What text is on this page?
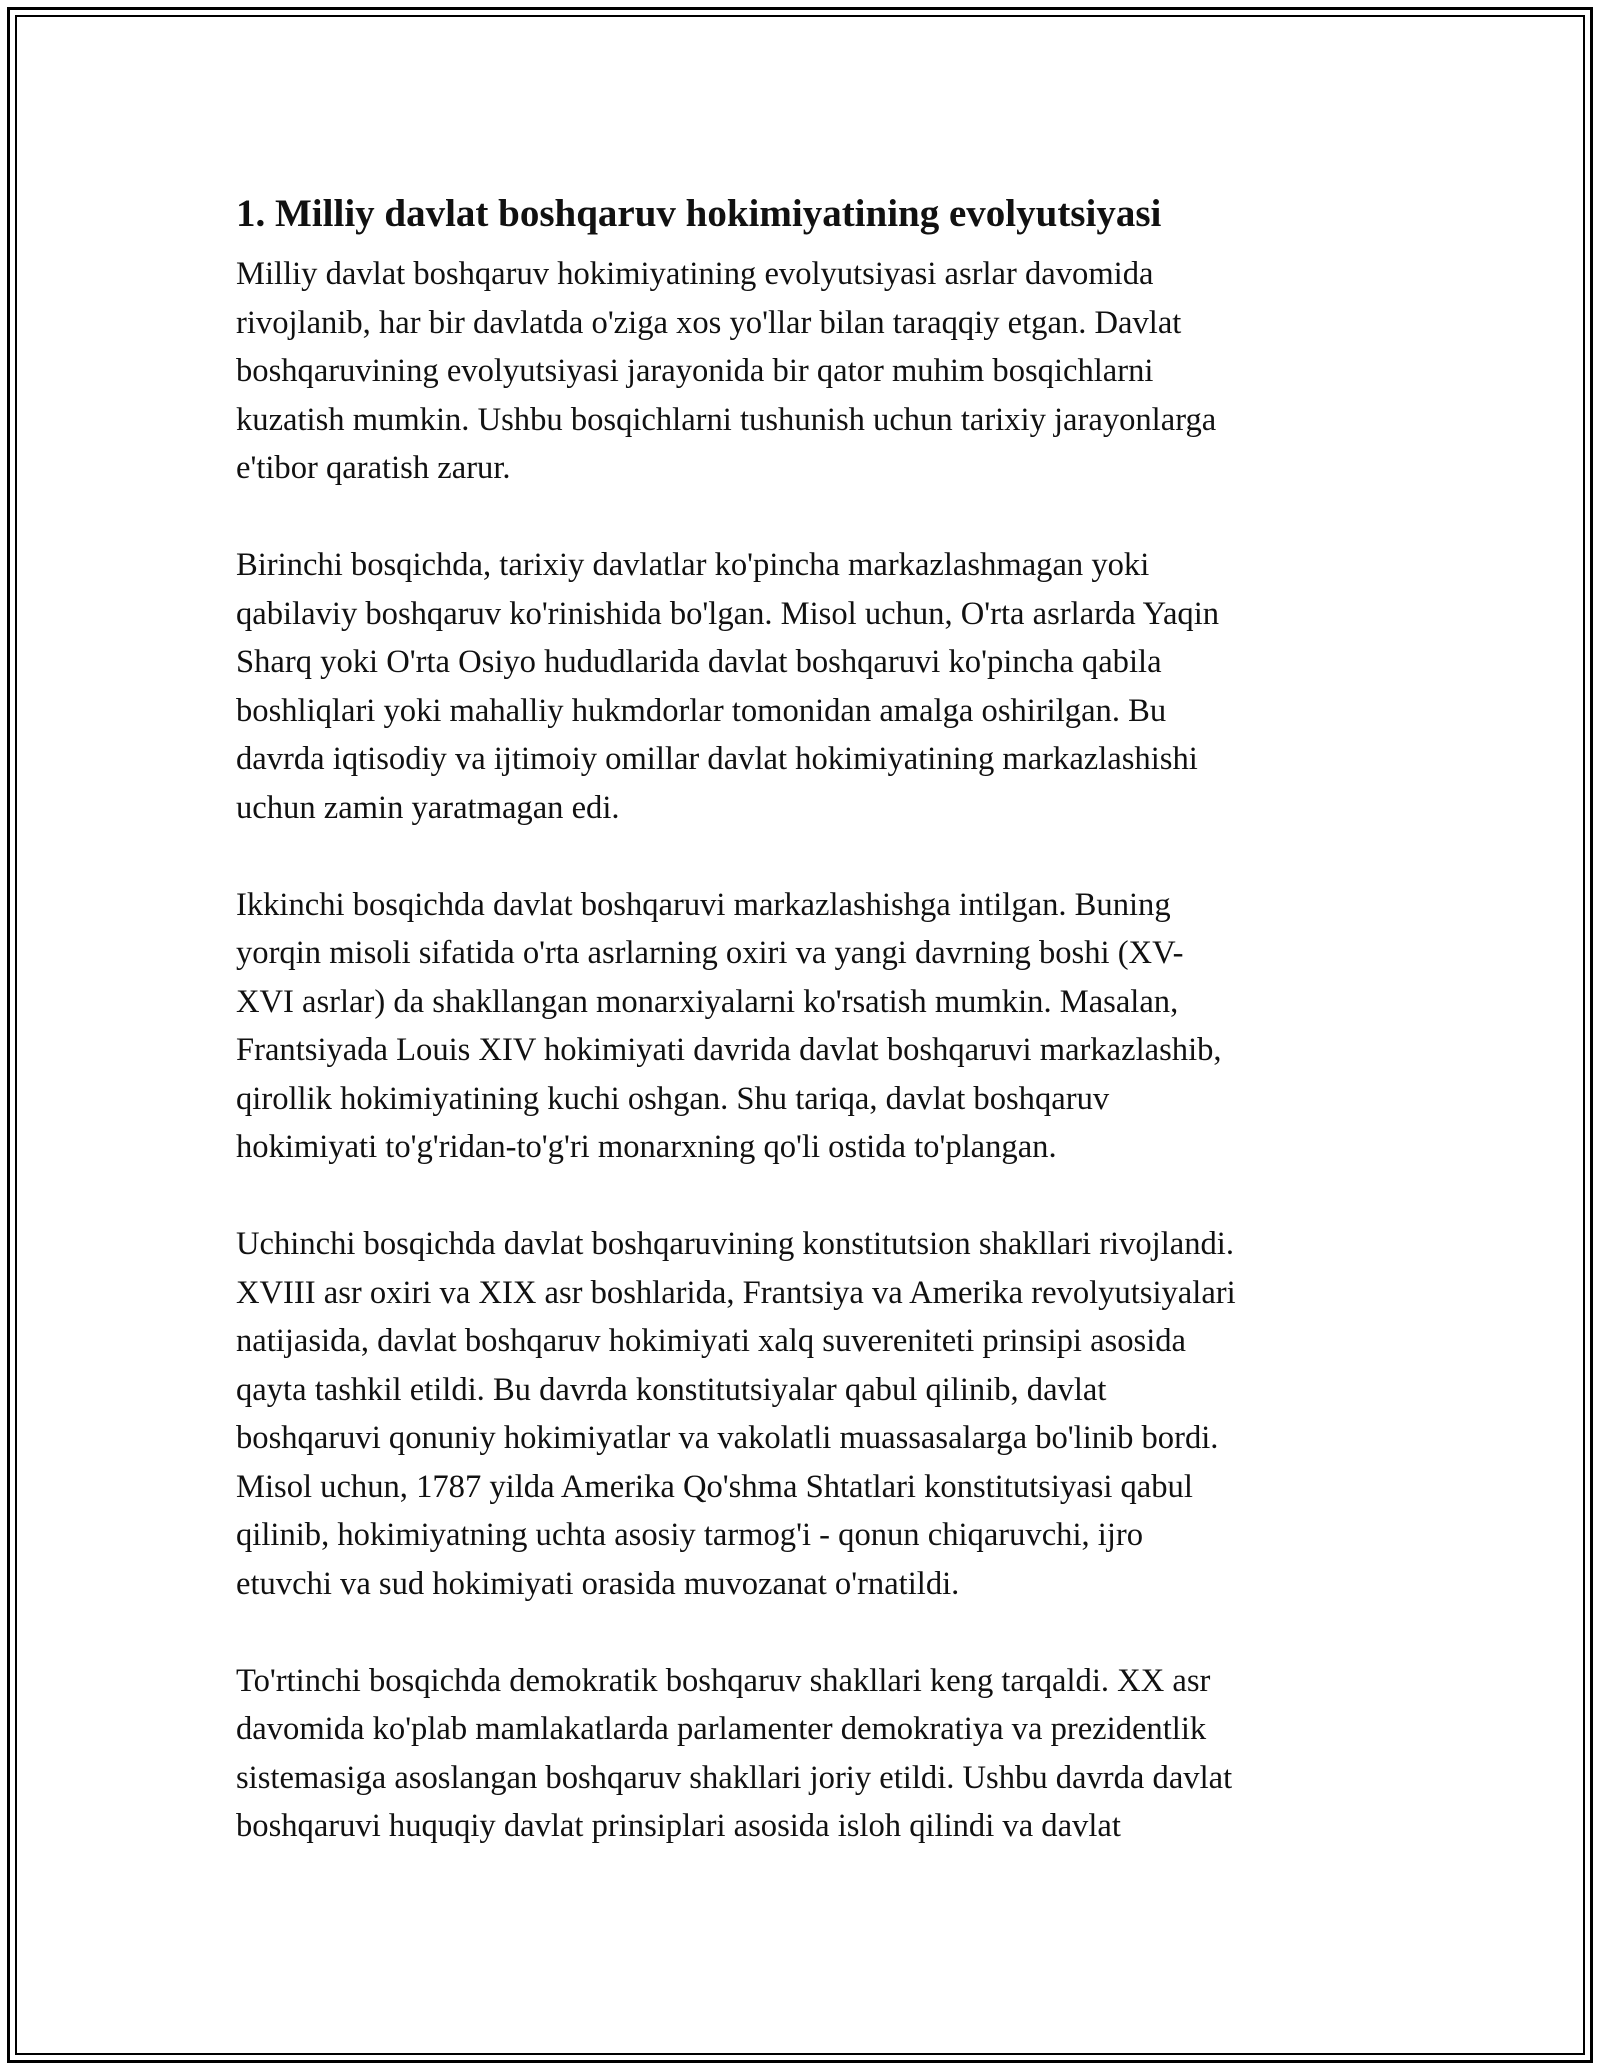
1. Milliy davlat boshqaruv hokimiyatining evolyutsiyasi

Milliy davlat boshqaruv hokimiyatining evolyutsiyasi asrlar davomida
rivojlanib, har bir davlatda o'ziga xos yo'llar bilan taraqqiy etgan. Davlat
boshqaruvining evolyutsiyasi jarayonida bir qator muhim bosqichlarni
kuzatish mumkin. Ushbu bosqichlarni tushunish uchun tarixiy jarayonlarga
e'tibor qaratish zarur.

Birinchi bosqichda, tarixiy davlatlar ko'pincha markazlashmagan yoki
qabilaviy boshqaruv ko'rinishida bo'lgan. Misol uchun, O'rta asrlarda Yaqin
Sharq yoki O'rta Osiyo hududlarida davlat boshqaruvi ko'pincha qabila
boshliqlari yoki mahalliy hukmdorlar tomonidan amalga oshirilgan. Bu
davrda iqtisodiy va ijtimoiy omillar davlat hokimiyatining markazlashishi
uchun zamin yaratmagan edi.

Ikkinchi bosqichda davlat boshqaruvi markazlashishga intilgan. Buning
yorqin misoli sifatida o'rta asrlarning oxiri va yangi davrning boshi (XV-
XVI asrlar) da shakllangan monarxiyalarni ko'rsatish mumkin. Masalan,
Frantsiyada Louis XIV hokimiyati davrida davlat boshqaruvi markazlashib,
qirollik hokimiyatining kuchi oshgan. Shu tariqa, davlat boshqaruv
hokimiyati to'g'ridan-to'g'ri monarxning qo'li ostida to'plangan.

Uchinchi bosqichda davlat boshqaruvining konstitutsion shakllari rivojlandi.
XVIII asr oxiri va XIX asr boshlarida, Frantsiya va Amerika revolyutsiyalari
natijasida, davlat boshqaruv hokimiyati xalq suvereniteti prinsipi asosida
qayta tashkil etildi. Bu davrda konstitutsiyalar qabul qilinib, davlat
boshqaruvi qonuniy hokimiyatlar va vakolatli muassasalarga bo'linib bordi.
Misol uchun, 1787 yilda Amerika Qo'shma Shtatlari konstitutsiyasi qabul
qilinib, hokimiyatning uchta asosiy tarmog'i - qonun chiqaruvchi, ijro
etuvchi va sud hokimiyati orasida muvozanat o'rnatildi.

To'rtinchi bosqichda demokratik boshqaruv shakllari keng tarqaldi. XX asr
davomida ko'plab mamlakatlarda parlamenter demokratiya va prezidentlik
sistemasiga asoslangan boshqaruv shakllari joriy etildi. Ushbu davrda davlat
boshqaruvi huquqiy davlat prinsiplari asosida isloh qilindi va davlat
